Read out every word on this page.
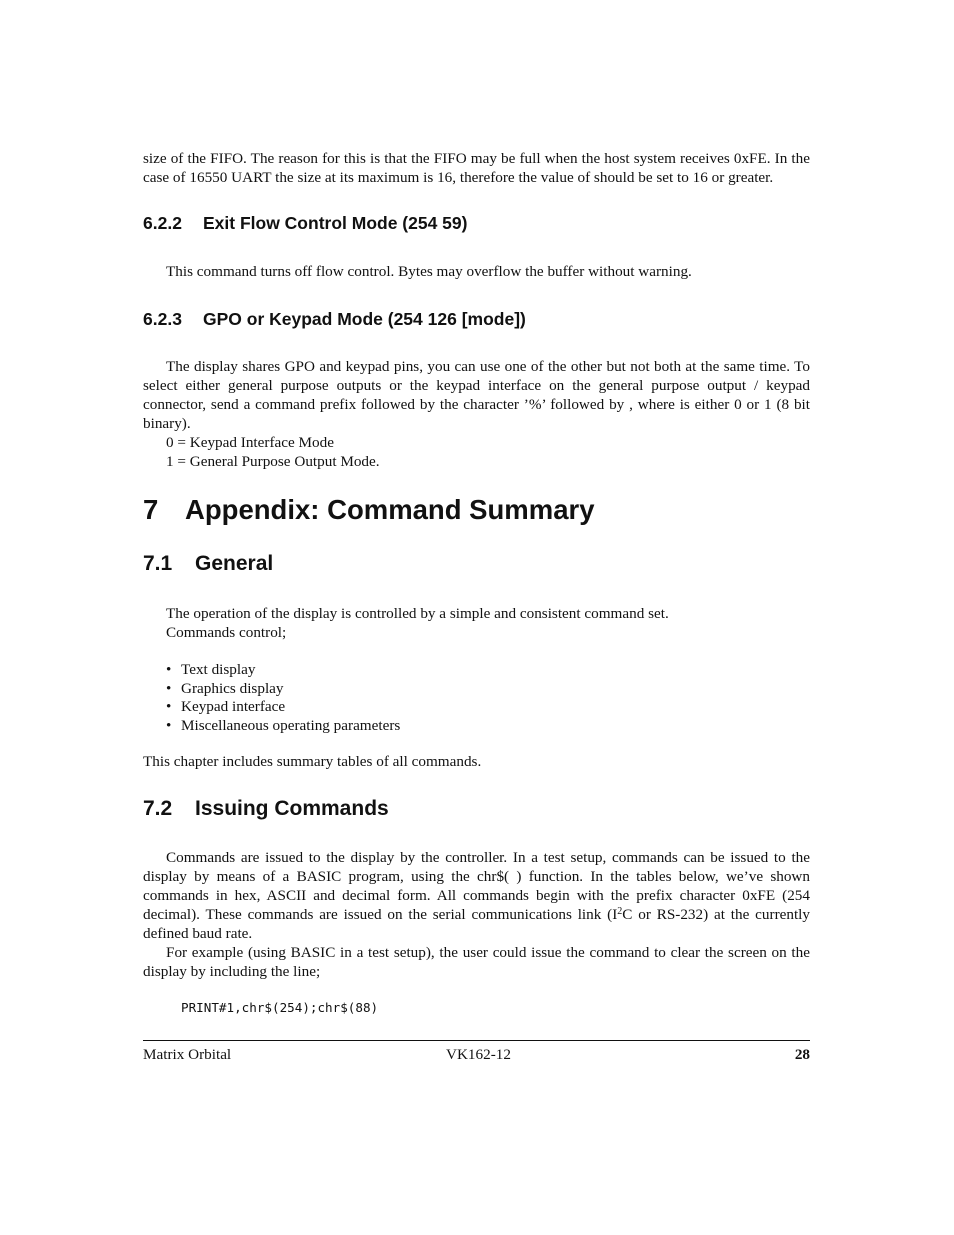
size of the FIFO. The reason for this is that the FIFO may be full when the host system receives 0xFE. In the case of 16550 UART the size at its maximum is 16, therefore the value of should be set to 16 or greater.

6.2.2 Exit Flow Control Mode (254 59)

This command turns off flow control. Bytes may overflow the buffer without warning.

6.2.3 GPO or Keypad Mode (254 126 [mode])

The display shares GPO and keypad pins, you can use one of the other but not both at the same time. To select either general purpose outputs or the keypad interface on the general purpose output / keypad connector, send a command prefix followed by the character ’%’ followed by , where is either 0 or 1 (8 bit binary).

0 = Keypad Interface Mode

1 = General Purpose Output Mode.

7 Appendix: Command Summary
7.1 General

The operation of the display is controlled by a simple and consistent command set.

Commands control;

• Text display
• Graphics display
• Keypad interface
• Miscellaneous operating parameters

This chapter includes summary tables of all commands.

7.2 Issuing Commands

Commands are issued to the display by the controller. In a test setup, commands can be issued to the display by means of a BASIC program, using the chr$( ) function. In the tables below, we’ve shown commands in hex, ASCII and decimal form. All commands begin with the prefix character 0xFE (254 decimal). These commands are issued on the serial communications link ($I^2C$ or RS-232) at the currently defined baud rate.

For example (using BASIC in a test setup), the user could issue the command to clear the screen on the display by including the line;

PRINT#1,chr$(254);chr$(88)

Matrix Orbital	VK162-12	28
